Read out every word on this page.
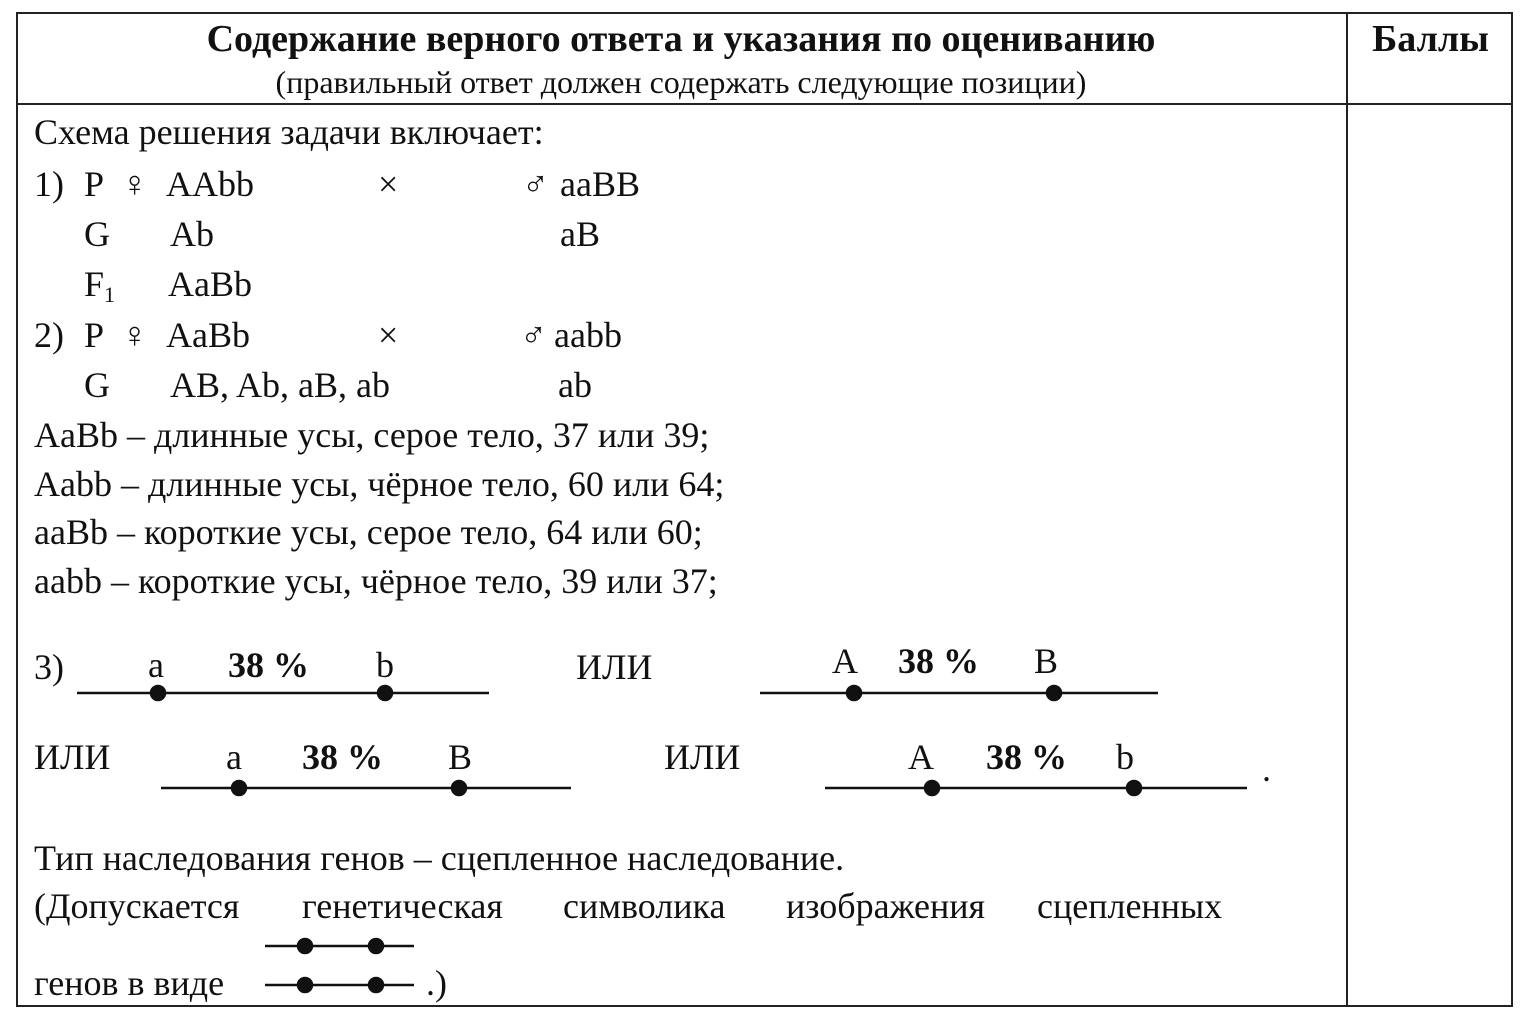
Содержание верного ответа и указания по оцениванию
(правильный ответ должен содержать следующие позиции)
Баллы
Схема решения задачи включает:
1) P ♀ AAbb	×	♂ aaBB
G Ab	aB
$F_1$ AaBb
2) P ♀ AaBb	×	♂ aabb
G AB, Ab, aB, ab	ab
AaBb – длинные усы, серое тело, 37 или 39;
Aabb – длинные усы, чёрное тело, 60 или 64;
aaBb – короткие усы, серое тело, 64 или 60;
aabb – короткие усы, чёрное тело, 39 или 37;
3) a 38 % b	ИЛИ	A 38 % B
ИЛИ	a 38 % B	ИЛИ	A 38 % b	.
Тип наследования генов – сцепленное наследование.
(Допускается генетическая символика изображения сцепленных
генов в виде	.)
